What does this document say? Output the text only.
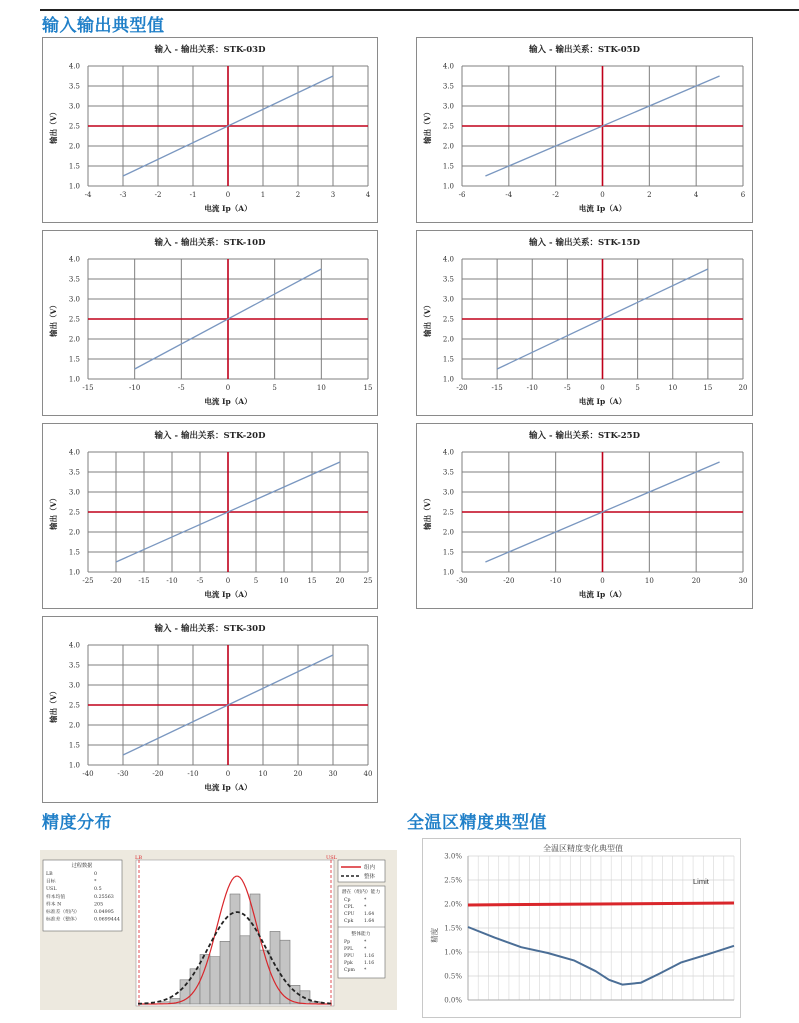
输入输出典型值
输入 - 输出关系：STK-03D
-4	-3	-2	-1	0	1	2	3	4
1.0
1.5
2.0
2.5
3.0
3.5
4.0
电流 Ip（A）
输出（V）
输入 - 输出关系：STK-05D
-6	-4	-2	0	2	4	6
1.0
1.5
2.0
2.5
3.0
3.5
4.0
电流 Ip（A）
输出（V）
输入 - 输出关系：STK-10D
-15	-10	-5	0	5	10	15
1.0
1.5
2.0
2.5
3.0
3.5
4.0
电流 Ip（A）
输出（V）
输入 - 输出关系：STK-15D
-20	-15	-10	-5	0	5	10	15	20
1.0
1.5
2.0
2.5
3.0
3.5
4.0
电流 Ip（A）
输出（V）
输入 - 输出关系：STK-20D
-25 -20 -15 -10	-5	0	5	10	15	20	25
1.0
1.5
2.0
2.5
3.0
3.5
4.0
电流 Ip（A）
输出（V）
输入 - 输出关系：STK-25D
-30	-20	-10	0	10	20	30
1.0
1.5
2.0
2.5
3.0
3.5
4.0
电流 Ip（A）
输出（V）
输入 - 输出关系：STK-30D
-40	-30	-20	-10	0	10	20	30	40
1.0
1.5
2.0
2.5
3.0
3.5
4.0
电流 Ip（A）
输出（V）
精度分布	全温区精度典型值
LB	USL
过程数据
LB	0
目标	*
USL	0.5
样本均值	0.25563
样本 N	205
标准差（组内）	0.04995
标准差（整体）	0.0699444
组内
整体
潜在（组内）能力
Cp	*
CPL *
CPU 1.64
Cpk 1.64
整体能力
Pp	*
PPL *
PPU 1.16
Ppk 1.16
Cpm *
全温区精度变化典型值
0.0%
0.5%
1.0%
1.5%
2.0%
2.5%
3.0%
Limit
精度
